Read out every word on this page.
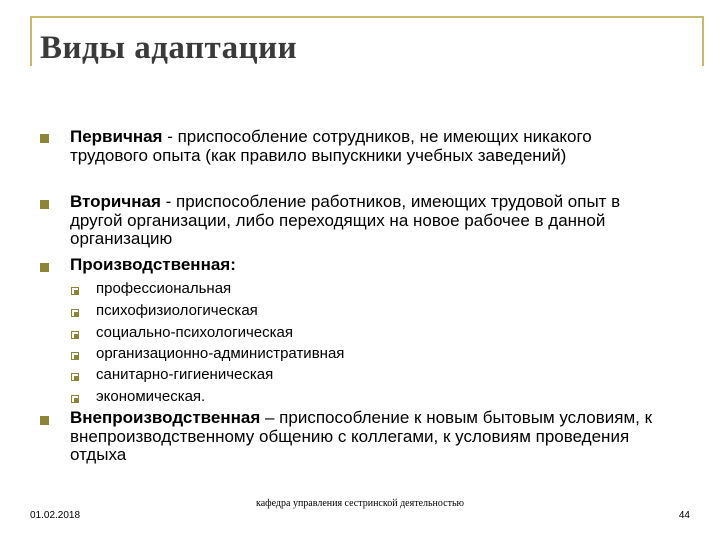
Виды адаптации
Первичная - приспособление сотрудников, не имеющих никакого трудового опыта (как правило выпускники учебных заведений)
Вторичная - приспособление работников, имеющих трудовой опыт в другой организации, либо переходящих на новое рабочее в данной организацию
Производственная:
профессиональная
психофизиологическая
социально-психологическая
организационно-административная
санитарно-гигиеническая
экономическая.
Внепроизводственная – приспособление к новым бытовым условиям, к внепроизводственному общению с коллегами, к условиям проведения отдыха
01.02.2018
кафедра управления сестринской деятельностью
44
